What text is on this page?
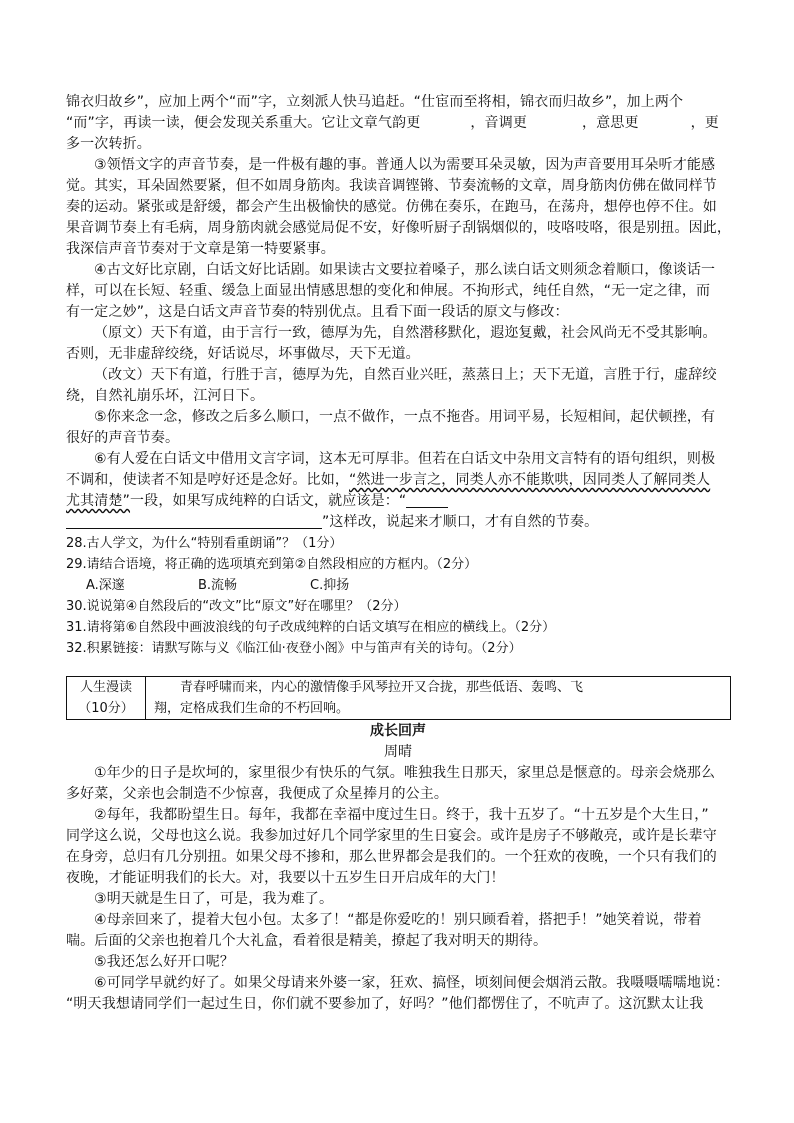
锦衣归故乡”，应加上两个“而”字，立刻派人快马追赶。“仕宦而至将相，锦衣而归故乡”，加上两个
“而”字，再读一读，便会发现关系重大。它让文章气韵更	，音调更	，意思更	，更
多一次转折。
③领悟文字的声音节奏，是一件极有趣的事。普通人以为需要耳朵灵敏，因为声音要用耳朵听才能感
觉。其实，耳朵固然要紧，但不如周身筋肉。我读音调铿锵、节奏流畅的文章，周身筋肉仿佛在做同样节
奏的运动。紧张或是舒缓，都会产生出极愉快的感觉。仿佛在奏乐，在跑马，在荡舟，想停也停不住。如
果音调节奏上有毛病，周身筋肉就会感觉局促不安，好像听厨子刮锅烟似的，吱咯吱咯，很是别扭。因此，
我深信声音节奏对于文章是第一特要紧事。
④古文好比京剧，白话文好比话剧。如果读古文要拉着嗓子，那么读白话文则须念着顺口，像谈话一
样，可以在长短、轻重、缓急上面显出情感思想的变化和伸展。不拘形式，纯任自然，“无一定之律，而
有一定之妙”，这是白话文声音节奏的特别优点。且看下面一段话的原文与修改：
（原文）天下有道，由于言行一致，德厚为先，自然潜移默化，遐迩复戴，社会风尚无不受其影响。
否则，无非虚辞绞绕，好话说尽，坏事做尽，天下无道。
（改文）天下有道，行胜于言，德厚为先，自然百业兴旺，蒸蒸日上；天下无道，言胜于行，虚辞绞
绕，自然礼崩乐坏，江河日下。
⑤你来念一念，修改之后多么顺口，一点不做作，一点不拖沓。用词平易，长短相间，起伏顿挫，有
很好的声音节奏。
⑥有人爱在白话文中借用文言字词，这本无可厚非。但若在白话文中杂用文言特有的语句组织，则极
不调和，使读者不知是哼好还是念好。比如，“然进一步言之，同类人亦不能欺哄，因同类人了解同类人
尤其清楚”一段，如果写成纯粹的白话文，就应该是：“
”这样改，说起来才顺口，才有自然的节奏。
28.古人学文，为什么“特别看重朗诵”？（1分）
29.请结合语境，将正确的选项填充到第②自然段相应的方框内。（2分）
A.深邃	B.流畅	C.抑扬
30.说说第④自然段后的“改文”比“原文”好在哪里？（2分）
31.请将第⑥自然段中画波浪线的句子改成纯粹的白话文填写在相应的横线上。（2分）
32.积累链接：请默写陈与义《临江仙·夜登小阁》中与笛声有关的诗句。（2分）
人生漫读
（10分）

青春呼啸而来，内心的激情像手风琴拉开又合拢，那些低语、轰鸣、飞
翔，定格成我们生命的不朽回响。
成长回声
周晴
①年少的日子是坎坷的，家里很少有快乐的气氛。唯独我生日那天，家里总是惬意的。母亲会烧那么
多好菜，父亲也会制造不少惊喜，我便成了众星捧月的公主。
②每年，我都盼望生日。每年，我都在幸福中度过生日。终于，我十五岁了。“十五岁是个大生日，”
同学这么说，父母也这么说。我参加过好几个同学家里的生日宴会。或许是房子不够敞亮，或许是长辈守
在身旁，总归有几分别扭。如果父母不掺和，那么世界都会是我们的。一个狂欢的夜晚，一个只有我们的
夜晚，才能证明我们的长大。对，我要以十五岁生日开启成年的大门！
③明天就是生日了，可是，我为难了。
④母亲回来了，提着大包小包。太多了！“都是你爱吃的！别只顾看着，搭把手！”她笑着说，带着
喘。后面的父亲也抱着几个大礼盒，看着很是精美，撩起了我对明天的期待。
⑤我还怎么好开口呢？
⑥可同学早就约好了。如果父母请来外婆一家，狂欢、搞怪，顷刻间便会烟消云散。我嗫嗫嚅嚅地说：
“明天我想请同学们一起过生日，你们就不要参加了，好吗？”他们都愣住了，不吭声了。这沉默太让我
